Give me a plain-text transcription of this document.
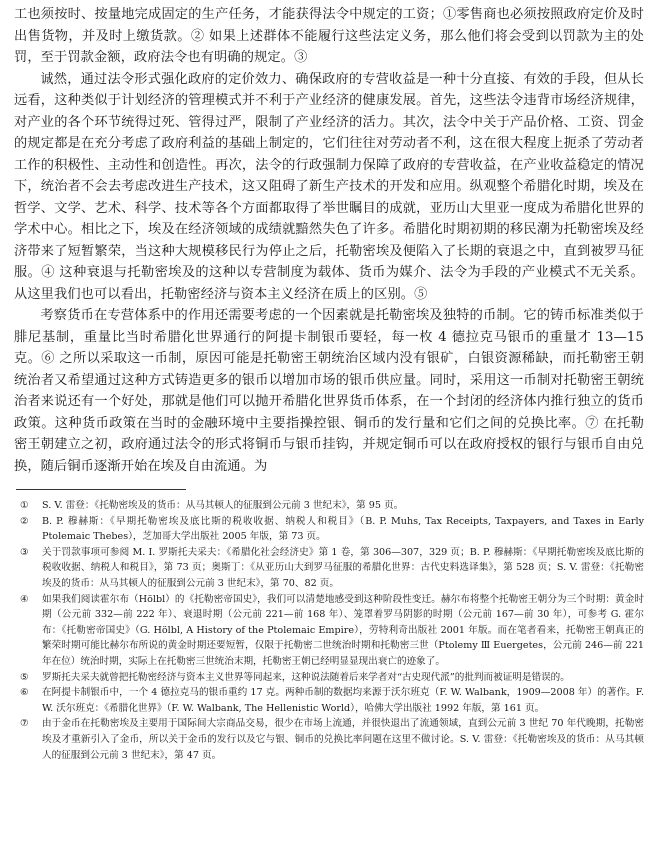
工也须按时、按量地完成固定的生产任务，才能获得法令中规定的工资；①零售商也必须按照政府定价及时出售货物，并及时上缴货款。② 如果上述群体不能履行这些法定义务，那么他们将会受到以罚款为主的处罚，至于罚款金额，政府法令也有明确的规定。③

诚然，通过法令形式强化政府的定价效力、确保政府的专营收益是一种十分直接、有效的手段，但从长远看，这种类似于计划经济的管理模式并不利于产业经济的健康发展。首先，这些法令违背市场经济规律，对产业的各个环节统得过死、管得过严，限制了产业经济的活力。其次，法令中关于产品价格、工资、罚金的规定都是在充分考虑了政府利益的基础上制定的，它们往往对劳动者不利，这在很大程度上扼杀了劳动者工作的积极性、主动性和创造性。再次，法令的行政强制力保障了政府的专营收益，在产业收益稳定的情况下，统治者不会去考虑改进生产技术，这又阻碍了新生产技术的开发和应用。纵观整个希腊化时期，埃及在哲学、文学、艺术、科学、技术等各个方面都取得了举世瞩目的成就，亚历山大里亚一度成为希腊化世界的学术中心。相比之下，埃及在经济领域的成绩就黯然失色了许多。希腊化时期初期的移民潮为托勒密埃及经济带来了短暂繁荣，当这种大规模移民行为停止之后，托勒密埃及便陷入了长期的衰退之中，直到被罗马征服。④ 这种衰退与托勒密埃及的这种以专营制度为载体、货币为媒介、法令为手段的产业模式不无关系。从这里我们也可以看出，托勒密经济与资本主义经济在质上的区别。⑤

考察货币在专营体系中的作用还需要考虑的一个因素就是托勒密埃及独特的币制。它的铸币标准类似于腓尼基制，重量比当时希腊化世界通行的阿提卡制银币要轻，每一枚 4 德拉克马银币的重量才 13—15 克。⑥ 之所以采取这一币制，原因可能是托勒密王朝统治区域内没有银矿，白银资源稀缺，而托勒密王朝统治者又希望通过这种方式铸造更多的银币以增加市场的银币供应量。同时，采用这一币制对托勒密王朝统治者来说还有一个好处，那就是他们可以抛开希腊化世界货币体系，在一个封闭的经济体内推行独立的货币政策。这种货币政策在当时的金融环境中主要指操控银、铜币的发行量和它们之间的兑换比率。⑦ 在托勒密王朝建立之初，政府通过法令的形式将铜币与银币挂钩，并规定铜币可以在政府授权的银行与银币自由兑换，随后铜币逐渐开始在埃及自由流通。为

①	S. V. 雷登：《托勒密埃及的货币：从马其顿人的征服到公元前 3 世纪末》，第 95 页。
②	B. P. 穆赫斯：《早期托勒密埃及底比斯的税收收据、纳税人和税目》（B. P. Muhs, Tax Receipts, Taxpayers, and Taxes in Early Ptolemaic Thebes），芝加哥大学出版社 2005 年版，第 73 页。
③	关于罚款事项可参阅 M. I. 罗斯托夫采夫：《希腊化社会经济史》第 1 卷，第 306—307，329 页；B. P. 穆赫斯：《早期托勒密埃及底比斯的税收收据、纳税人和税目》，第 73 页；奥斯丁：《从亚历山大到罗马征服的希腊化世界：古代史料选译集》，第 528 页；S. V. 雷登：《托勒密埃及的货币：从马其顿人的征服到公元前 3 世纪末》，第 70、82 页。
④	如果我们阅读霍尔布（Hölbl）的《托勒密帝国史》，我们可以清楚地感受到这种阶段性变迁。赫尔布将整个托勒密王朝分为三个时期：黄金时期（公元前 332—前 222 年）、衰退时期（公元前 221—前 168 年）、笼罩着罗马阴影的时期（公元前 167—前 30 年），可参考 G. 霍尔布：《托勒密帝国史》（G. Hölbl, A History of the Ptolemaic Empire），劳特利奇出版社 2001 年版。而在笔者看来，托勒密王朝真正的繁荣时期可能比赫尔布所说的黄金时期还要短暂，仅限于托勒密二世统治时期和托勒密三世（Ptolemy Ⅲ Euergetes，公元前 246—前 221 年在位）统治时期，实际上在托勒密三世统治末期，托勒密王朝已经明显显现出衰亡的迹象了。
⑤	罗斯托夫采夫就曾把托勒密经济与资本主义世界等同起来，这种说法随着后来学者对“古史现代派”的批判而被证明是错误的。
⑥	在阿提卡制银币中，一个 4 德拉克马的银币重约 17 克。两种币制的数据均来源于沃尔班克（F. W. Walbank，1909—2008 年）的著作。F. W. 沃尔班克：《希腊化世界》（F. W. Walbank, The Hellenistic World），哈佛大学出版社 1992 年版，第 161 页。
⑦	由于金币在托勒密埃及主要用于国际间大宗商品交易，很少在市场上流通，并很快退出了流通领域，直到公元前 3 世纪 70 年代晚期，托勒密埃及才重新引入了金币，所以关于金币的发行以及它与银、铜币的兑换比率问题在这里不做讨论。S. V. 雷登：《托勒密埃及的货币：从马其顿人的征服到公元前 3 世纪末》，第 47 页。
